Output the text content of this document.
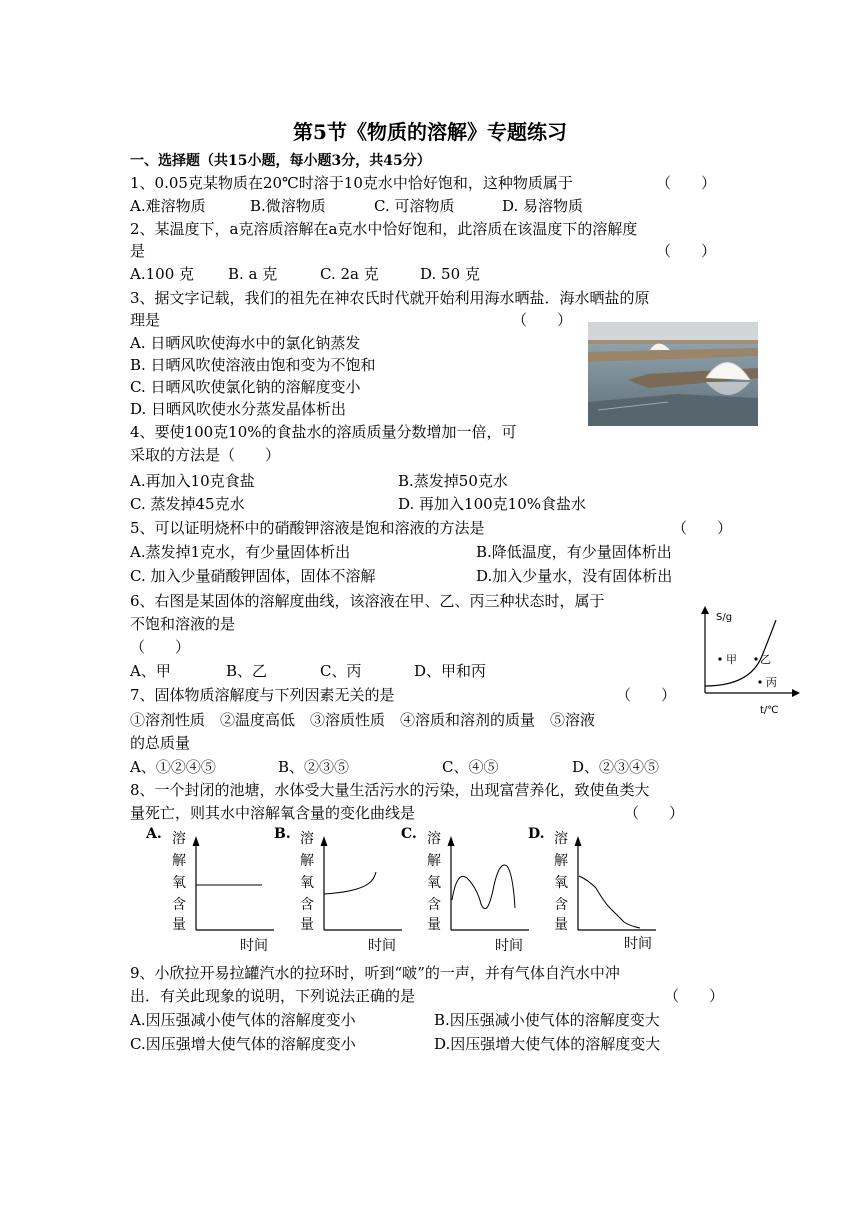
第5节《物质的溶解》专题练习
一、选择题（共15小题，每小题3分，共45分）
1、0.05克某物质在20℃时溶于10克水中恰好饱和，这种物质属于	（　　）
A.难溶物质	B.微溶物质	C. 可溶物质	D. 易溶物质
2、某温度下，a克溶质溶解在a克水中恰好饱和，此溶质在该温度下的溶解度
是	（　　）
A.100 克 B. a 克	C. 2a 克	D. 50 克
3、据文字记载，我们的祖先在神农氏时代就开始利用海水晒盐．海水晒盐的原
理是	（　　）
A. 日晒风吹使海水中的氯化钠蒸发
B. 日晒风吹使溶液由饱和变为不饱和
C. 日晒风吹使氯化钠的溶解度变小
D. 日晒风吹使水分蒸发晶体析出
4、要使100克10%的食盐水的溶质质量分数增加一倍，可
采取的方法是（　　）
A.再加入10克食盐	B.蒸发掉50克水
C. 蒸发掉45克水	D. 再加入100克10%食盐水
5、可以证明烧杯中的硝酸钾溶液是饱和溶液的方法是	（　　）
A.蒸发掉1克水，有少量固体析出	B.降低温度，有少量固体析出
C. 加入少量硝酸钾固体，固体不溶解	D.加入少量水，没有固体析出
6、右图是某固体的溶解度曲线，该溶液在甲、乙、丙三种状态时，属于
不饱和溶液的是
（　　）
A、甲	B、乙	C、丙	D、甲和丙
S/g
t/℃
甲 乙
丙
7、固体物质溶解度与下列因素无关的是	（　　）
①溶剂性质　②温度高低　③溶质性质　④溶质和溶剂的质量　⑤溶液
的总质量
A、①②④⑤	B、②③⑤	C、④⑤	D、②③④⑤
8、一个封闭的池塘，水体受大量生活污水的污染，出现富营养化，致使鱼类大
量死亡，则其水中溶解氧含量的变化曲线是	（　　）
A.	B.	C.	D.
溶
解
氧
含
量
时间
溶
解
氧
含
量
时间
溶
解
氧
含
量
时间
溶
解
氧
含
量
时间
9、小欣拉开易拉罐汽水的拉环时，听到“啵”的一声，并有气体自汽水中冲
出．有关此现象的说明，下列说法正确的是	（　　）
A.因压强减小使气体的溶解度变小	B.因压强减小使气体的溶解度变大
C.因压强增大使气体的溶解度变小	D.因压强增大使气体的溶解度变大
